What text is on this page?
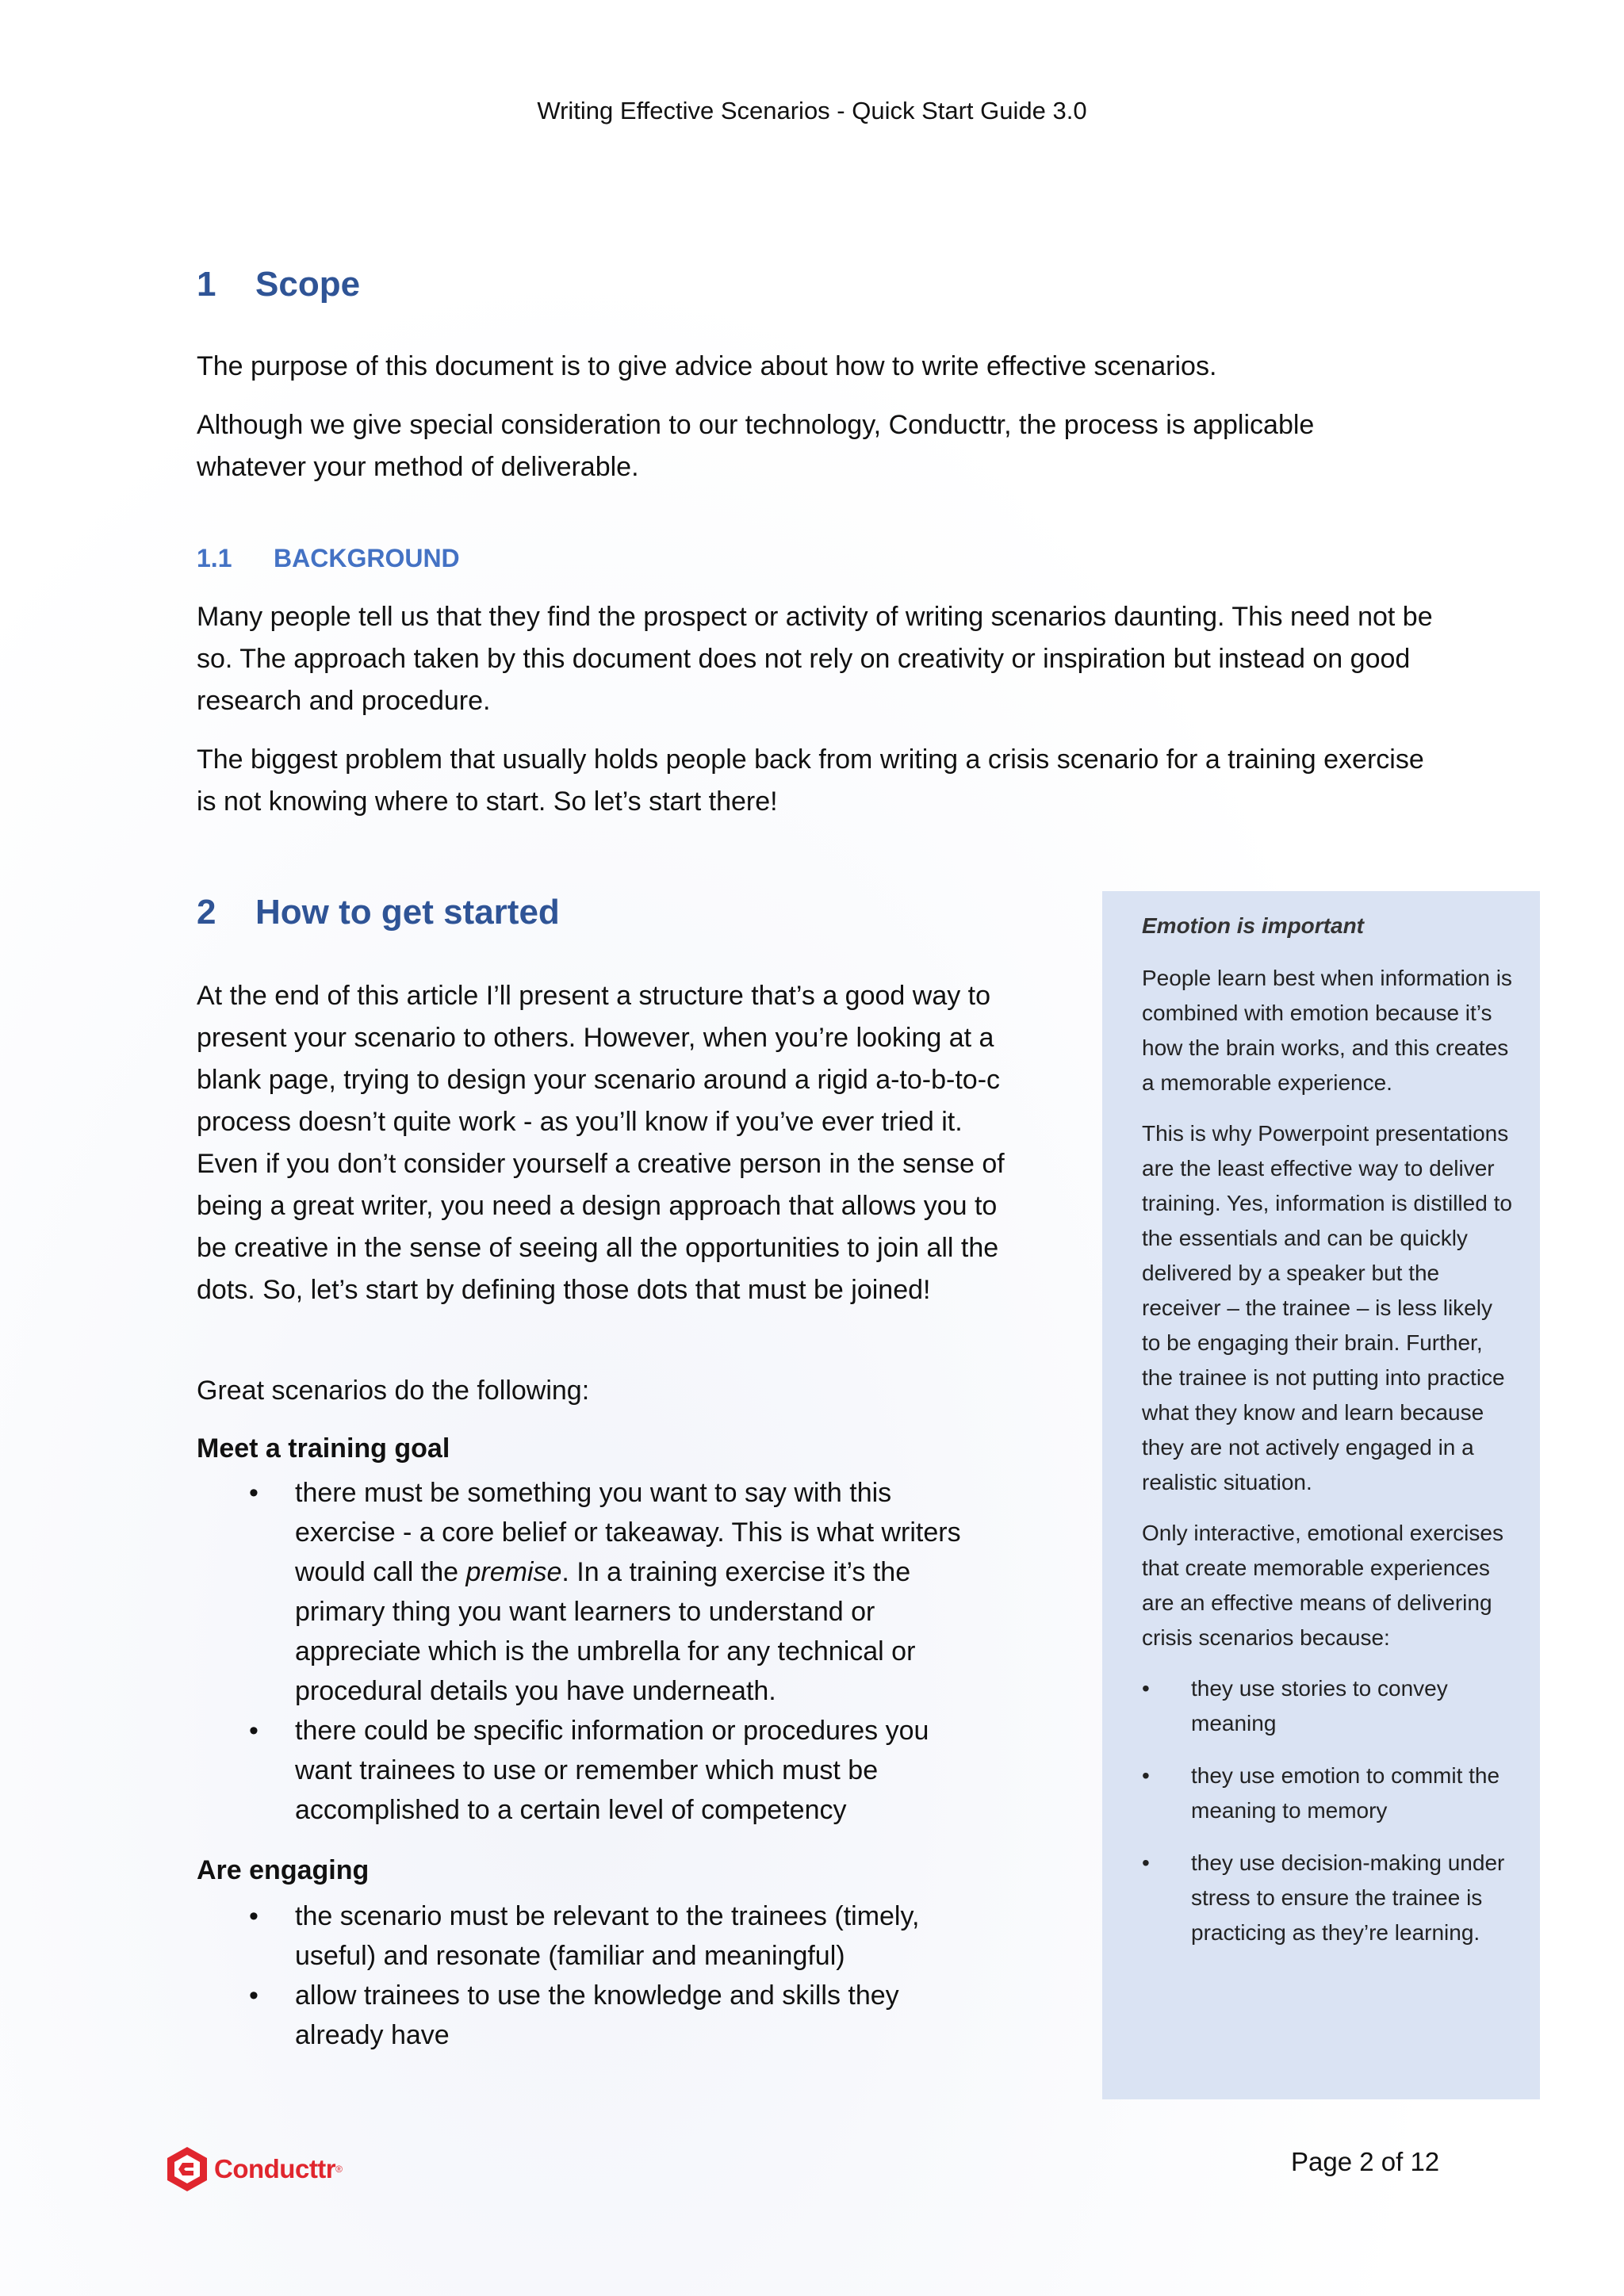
Writing Effective Scenarios - Quick Start Guide 3.0
1	Scope
The purpose of this document is to give advice about how to write effective scenarios.
Although we give special consideration to our technology, Conducttr, the process is applicable whatever your method of deliverable.
1.1	BACKGROUND
Many people tell us that they find the prospect or activity of writing scenarios daunting. This need not be so. The approach taken by this document does not rely on creativity or inspiration but instead on good research and procedure.
The biggest problem that usually holds people back from writing a crisis scenario for a training exercise is not knowing where to start. So let’s start there!
2	How to get started
At the end of this article I’ll present a structure that’s a good way to present your scenario to others. However, when you’re looking at a blank page, trying to design your scenario around a rigid a-to-b-to-c process doesn’t quite work - as you’ll know if you’ve ever tried it. Even if you don’t consider yourself a creative person in the sense of being a great writer, you need a design approach that allows you to be creative in the sense of seeing all the opportunities to join all the dots. So, let’s start by defining those dots that must be joined!
Great scenarios do the following:
Meet a training goal
• there must be something you want to say with this exercise - a core belief or takeaway. This is what writers would call the premise. In a training exercise it’s the primary thing you want learners to understand or appreciate which is the umbrella for any technical or procedural details you have underneath.
• there could be specific information or procedures you want trainees to use or remember which must be accomplished to a certain level of competency
Are engaging
• the scenario must be relevant to the trainees (timely, useful) and resonate (familiar and meaningful)
• allow trainees to use the knowledge and skills they already have
Emotion is important

People learn best when information is combined with emotion because it’s how the brain works, and this creates a memorable experience.

This is why Powerpoint presentations are the least effective way to deliver training. Yes, information is distilled to the essentials and can be quickly delivered by a speaker but the receiver – the trainee – is less likely to be engaging their brain. Further, the trainee is not putting into practice what they know and learn because they are not actively engaged in a realistic situation.

Only interactive, emotional exercises that create memorable experiences are an effective means of delivering crisis scenarios because:

• they use stories to convey meaning
• they use emotion to commit the meaning to memory
• they use decision-making under stress to ensure the trainee is practicing as they’re learning.
Conducttr ®	Page 2 of 12
